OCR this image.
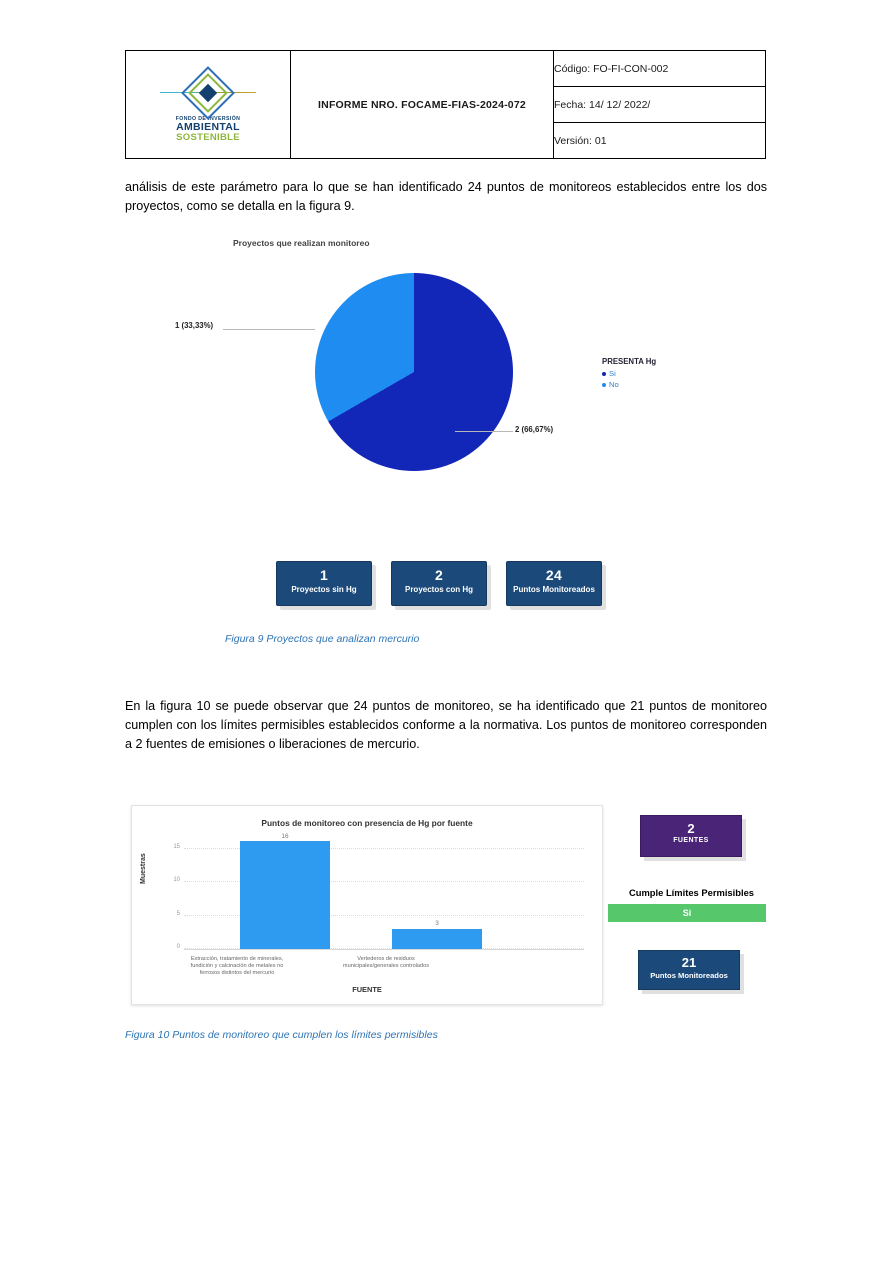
FONDO DE INVERSIÓN
AMBIENTAL
SOSTENIBLE
	INFORME NRO. FOCAME-FIAS-2024-072	Código: FO-FI-CON-002
Fecha: 14/ 12/ 2022/
Versión: 01
análisis de este parámetro para lo que se han identificado 24 puntos de monitoreos establecidos entre los dos proyectos, como se detalla en la figura 9.
Proyectos que realizan monitoreo
1 (33,33%)
2 (66,67%)
PRESENTA Hg
Si
No
1
Proyectos sin Hg
2
Proyectos con Hg
24
Puntos Monitoreados
Figura 9 Proyectos que analizan mercurio
En la figura 10 se puede observar que 24 puntos de monitoreo, se ha identificado que 21 puntos de monitoreo cumplen con los límites permisibles establecidos conforme a la normativa. Los puntos de monitoreo corresponden a 2 fuentes de emisiones o liberaciones de mercurio.
Puntos de monitoreo con presencia de Hg por fuente
Muestras
15
10
5
0
16
3
Extracción, tratamiento de minerales, fundición y calcinación de metales no ferrosos distintos del mercurio
Vertederos de residuos municipales/generales controlados
FUENTE
2
FUENTES
Cumple Límites Permisibles
Si
21
Puntos Monitoreados
Figura 10 Puntos de monitoreo que cumplen los límites permisibles
